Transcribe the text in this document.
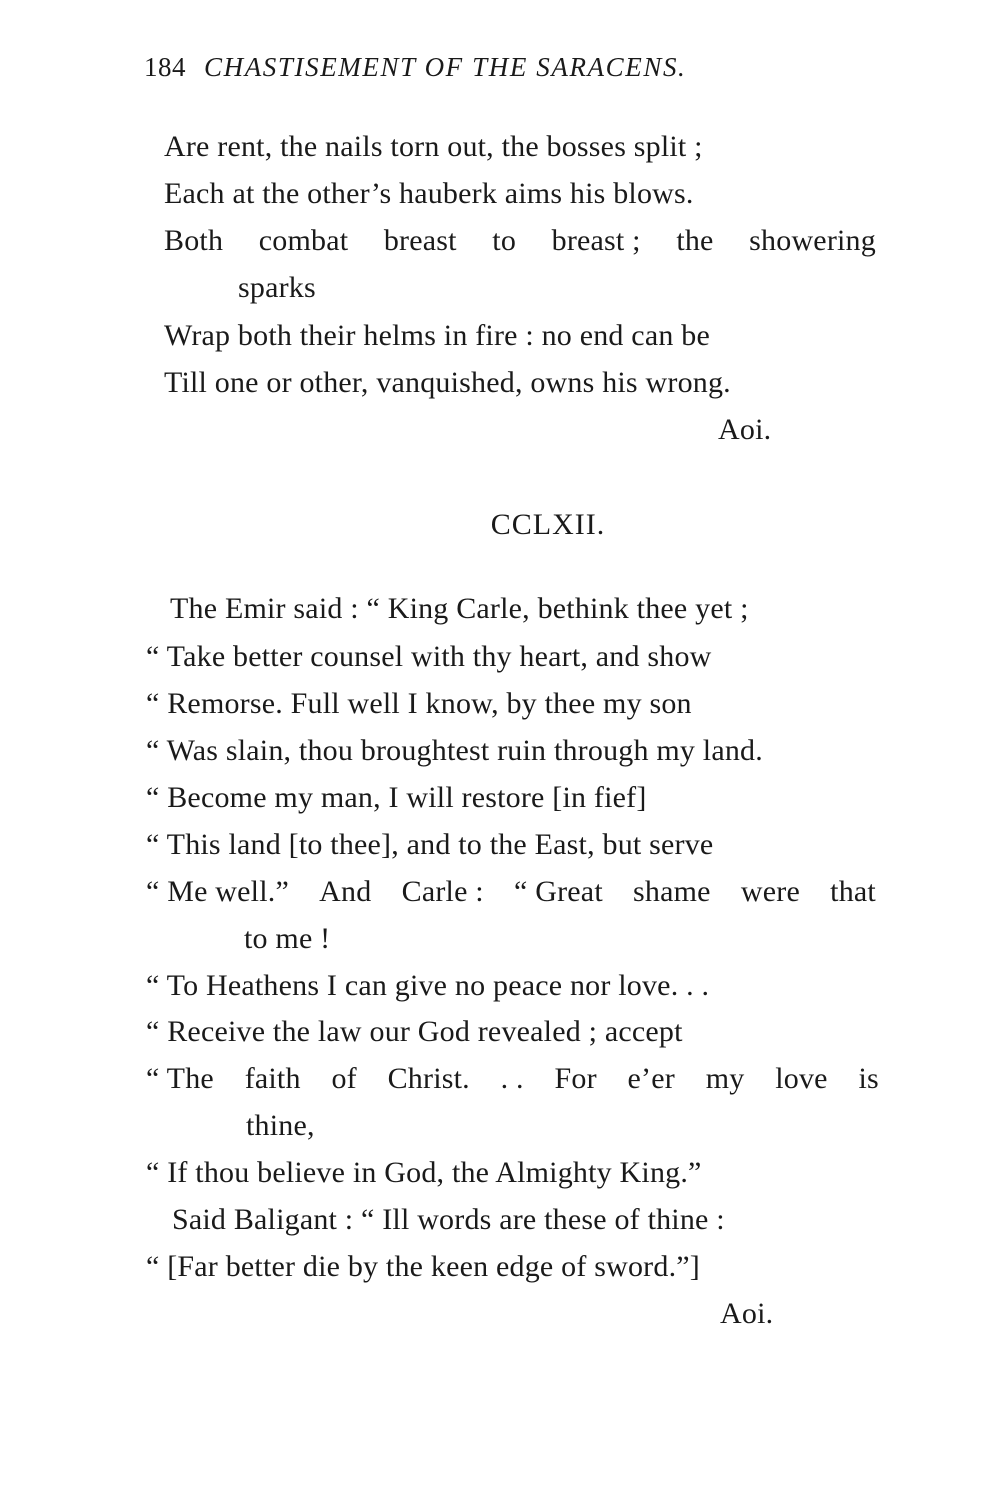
184 CHASTISEMENT OF THE SARACENS.
Are rent, the nails torn out, the bosses split ;
Each at the other’s hauberk aims his blows.
Both combat breast to breast ; the showering
sparks
Wrap both their helms in fire : no end can be
Till one or other, vanquished, owns his wrong.
Aoi.
CCLXII.
The Emir said : “ King Carle, bethink thee yet ;
“ Take better counsel with thy heart, and show
“ Remorse. Full well I know, by thee my son
“ Was slain, thou broughtest ruin through my land.
“ Become my man, I will restore [in fief]
“ This land [to thee], and to the East, but serve
“ Me well.” And Carle : “ Great shame were that
to me !
“ To Heathens I can give no peace nor love. . .
“ Receive the law our God revealed ; accept
“ The faith of Christ. . . For e’er my love is
thine,
“ If thou believe in God, the Almighty King.”
Said Baligant : “ Ill words are these of thine :
“ [Far better die by the keen edge of sword.”]
Aoi.
